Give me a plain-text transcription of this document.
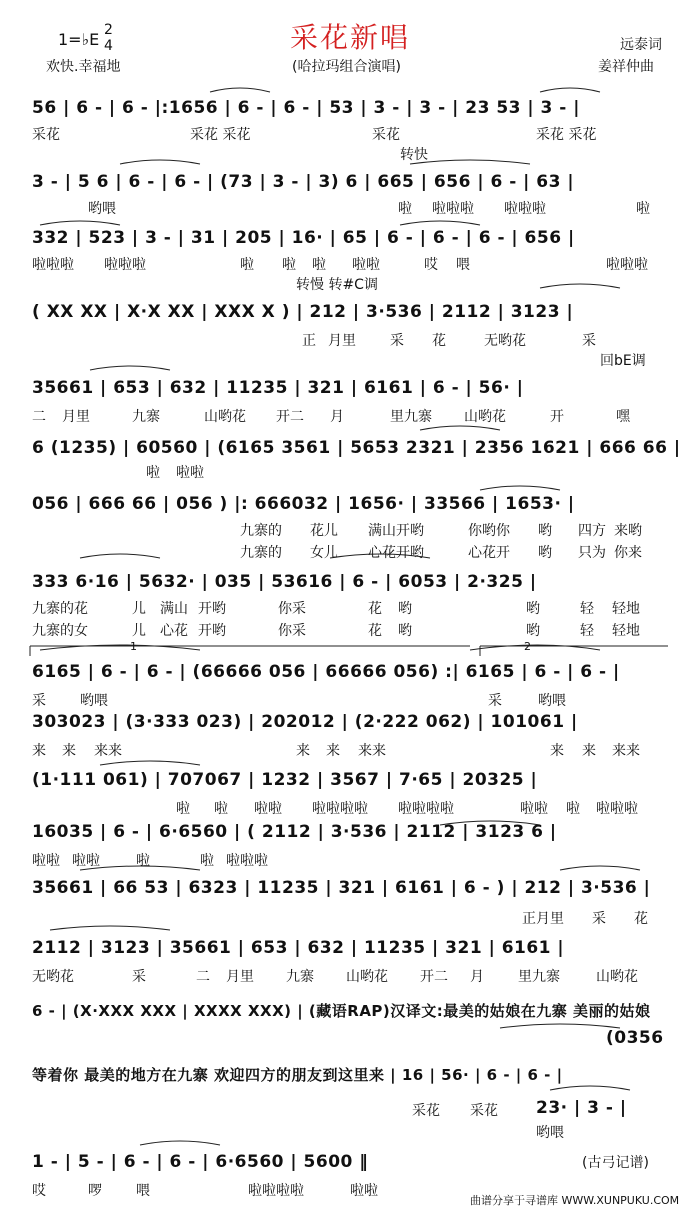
采花新唱
1=♭E 2
4
欢快.幸福地	(哈拉玛组合演唱)
远泰词
姜祥仲曲
56 | 6 - | 6 - |:1656 | 6 - | 6 - | 53 | 3 - | 3 - | 23 53 | 3 - |
采花	采花 采花	采花	采花 采花
转快
3 - | 5 6 | 6 - | 6 - | (73 | 3 - | 3) 6 | 665 | 656 | 6 - | 63 |
哟喂	啦 啦啦啦 啦啦啦	啦
332 | 523 | 3 - | 31 | 205 | 16· | 65 | 6 - | 6 - | 6 - | 656 |
啦啦啦 啦啦啦	啦 啦 啦 啦啦	哎 喂	啦啦啦
转慢 转#C调
( XX XX | X·X XX | XXX X ) | 212 | 3·536 | 2112 | 3123 |
正 月里 采 花	无哟花	采
回bE调
35661 | 653 | 632 | 11235 | 321 | 6161 | 6 - | 56· |
二 月里	九寨	山哟花 开二 月	里九寨 山哟花	开	嘿
6 (1235) | 60560 | (6165 3561 | 5653 2321 | 2356 1621 | 666 66 |
啦 啦啦
056 | 666 66 | 056 ) |: 666032 | 1656· | 33566 | 1653· |
九寨的 花儿 满山开哟	你哟你 哟 四方 来哟
九寨的 女儿 心花开哟	心花开 哟 只为 你来
333 6·16 | 5632· | 035 | 53616 | 6 - | 6053 | 2·325 |
九寨的花	儿 满山 开哟	你采	花 哟	哟	轻 轻地
九寨的女	儿 心花 开哟	你采	花 哟	哟	轻 轻地
1	2
6165 | 6 - | 6 - | (66666 056 | 66666 056) :| 6165 | 6 - | 6 - |
采 哟喂	采	哟喂
303023 | (3·333 023) | 202012 | (2·222 062) | 101061 |
来 来 来来	来 来 来来	来 来 来来
(1·111 061) | 707067 | 1232 | 3567 | 7·65 | 20325 |
啦 啦 啦啦 啦啦啦啦 啦啦啦啦	啦啦 啦 啦啦啦
16035 | 6 - | 6·6560 | ( 2112 | 3·536 | 2112 | 3123 6 |
啦啦 啦啦	啦	啦 啦啦啦
35661 | 66 53 | 6323 | 11235 | 321 | 6161 | 6 - ) | 212 | 3·536 |
正月里 采 花
2112 | 3123 | 35661 | 653 | 632 | 11235 | 321 | 6161 |
无哟花	采	二 月里 九寨 山哟花 开二 月 里九寨	山哟花
6 - | (X·XXX XXX | XXXX XXX) | (藏语RAP)汉译文:最美的姑娘在九寨 美丽的姑娘
(0356
等着你 最美的地方在九寨 欢迎四方的朋友到这里来 | 16 | 56· | 6 - | 6 - |
采花 采花 23· | 3 - |
哟喂
1 - | 5 - | 6 - | 6 - | 6·6560 | 5600 ‖
哎	啰 喂	啦啦啦啦	啦啦
(古弓记谱)
曲谱分享于寻谱库 WWW.XUNPUKU.COM
